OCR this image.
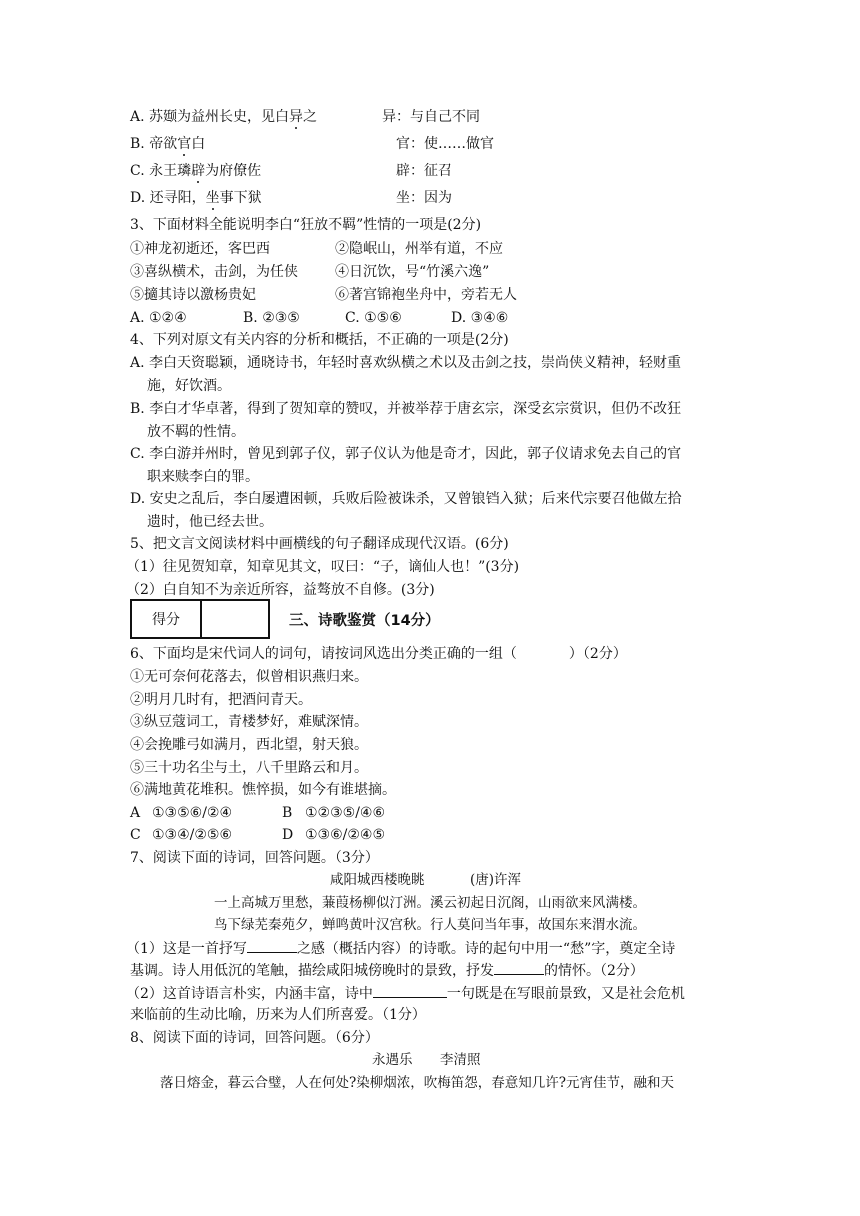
A. 苏颋为益州长史，见白异之	异：与自己不同
B. 帝欲官白	官：使……做官
C. 永王璘辟为府僚佐	辟：征召
D. 还寻阳，坐事下狱	坐：因为
3、下面材料全能说明李白“狂放不羁”性情的一项是(2分)
①神龙初逝还，客巴西	②隐岷山，州举有道，不应
③喜纵横术，击剑，为任侠	④日沉饮，号“竹溪六逸”
⑤擿其诗以激杨贵妃	⑥著宫锦袍坐舟中，旁若无人
A. ①②④	B. ②③⑤	C. ①⑤⑥	D. ③④⑥
4、下列对原文有关内容的分析和概括，不正确的一项是(2分)
A. 李白天资聪颖，通晓诗书，年轻时喜欢纵横之术以及击剑之技，崇尚侠义精神，轻财重
施，好饮酒。
B. 李白才华卓著，得到了贺知章的赞叹，并被举荐于唐玄宗，深受玄宗赏识，但仍不改狂
放不羁的性情。
C. 李白游并州时，曾见到郭子仪，郭子仪认为他是奇才，因此，郭子仪请求免去自己的官
职来赎李白的罪。
D. 安史之乱后，李白屡遭困顿，兵败后险被诛杀，又曾锒铛入狱；后来代宗要召他做左拾
遗时，他已经去世。
5、把文言文阅读材料中画横线的句子翻译成现代汉语。(6分)
（1）往见贺知章，知章见其文，叹曰：“子，谪仙人也！”(3分)
（2）白自知不为亲近所容，益骜放不自修。(3分)
得分	三、诗歌鉴赏（14分）
6、下面均是宋代词人的词句，请按词风选出分类正确的一组（	）（2分）
①无可奈何花落去，似曾相识燕归来。
②明月几时有，把酒问青天。
③纵豆蔻词工，青楼梦好，难赋深情。
④会挽雕弓如满月，西北望，射天狼。
⑤三十功名尘与土，八千里路云和月。
⑥满地黄花堆积。憔悴损，如今有谁堪摘。
A ①③⑤⑥/②④	B ①②③⑤/④⑥
C ①③④/②⑤⑥	D ①③⑥/②④⑤
7、阅读下面的诗词，回答问题。（3分）
咸阳城西楼晚眺	(唐)许浑
一上高城万里愁，蒹葭杨柳似汀洲。溪云初起日沉阁，山雨欲来风满楼。
鸟下绿芜秦苑夕，蝉鸣黄叶汉宫秋。行人莫问当年事，故国东来渭水流。
（1）这是一首抒写	之感（概括内容）的诗歌。诗的起句中用一“愁”字，奠定全诗
基调。诗人用低沉的笔触，描绘咸阳城傍晚时的景致，抒发	的情怀。（2分）
（2）这首诗语言朴实，内涵丰富，诗中	一句既是在写眼前景致，又是社会危机
来临前的生动比喻，历来为人们所喜爱。（1分）
8、阅读下面的诗词，回答问题。（6分）
永遇乐 李清照
落日熔金，暮云合璧，人在何处?染柳烟浓，吹梅笛怨，春意知几许?元宵佳节，融和天
